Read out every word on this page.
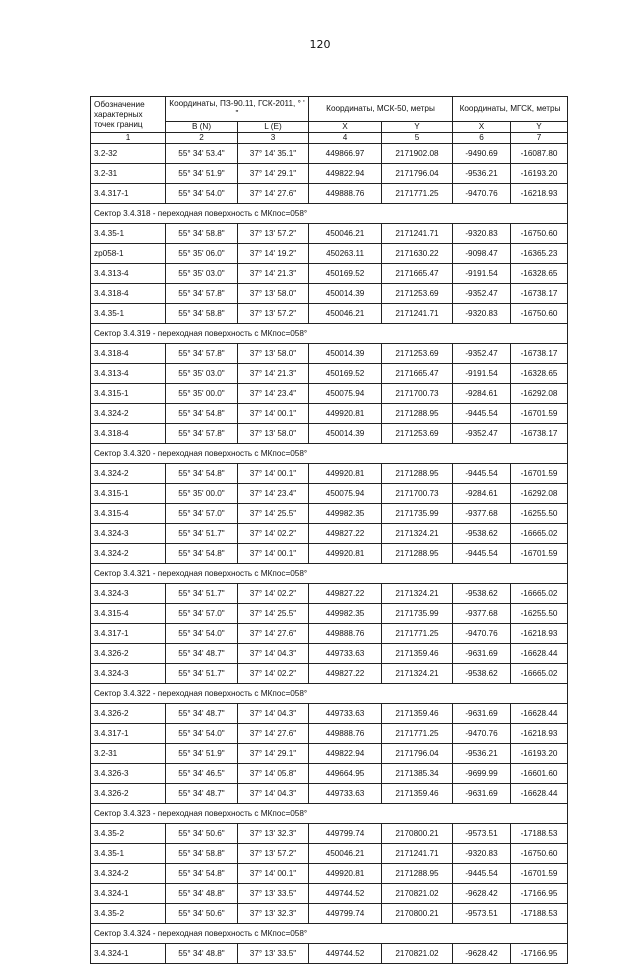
120
Обозначение характерных точек границ	Координаты, ПЗ-90.11, ГСК-2011, ° ' "		Координаты, МСК-50, метры		Координаты, МГСК, метры	
	B (N)	L (E)	X	Y	X	Y
1	2	3	4	5	6	7
3.2-32	55° 34' 53.4"	37° 14' 35.1"	449866.97	2171902.08	-9490.69	-16087.80
3.2-31	55° 34' 51.9"	37° 14' 29.1"	449822.94	2171796.04	-9536.21	-16193.20
3.4.317-1	55° 34' 54.0"	37° 14' 27.6"	449888.76	2171771.25	-9470.76	-16218.93
Сектор 3.4.318 - переходная поверхность с МКпос=058°						
3.4.35-1	55° 34' 58.8"	37° 13' 57.2"	450046.21	2171241.71	-9320.83	-16750.60
zp058-1	55° 35' 06.0"	37° 14' 19.2"	450263.11	2171630.22	-9098.47	-16365.23
3.4.313-4	55° 35' 03.0"	37° 14' 21.3"	450169.52	2171665.47	-9191.54	-16328.65
3.4.318-4	55° 34' 57.8"	37° 13' 58.0"	450014.39	2171253.69	-9352.47	-16738.17
3.4.35-1	55° 34' 58.8"	37° 13' 57.2"	450046.21	2171241.71	-9320.83	-16750.60
Сектор 3.4.319 - переходная поверхность с МКпос=058°						
3.4.318-4	55° 34' 57.8"	37° 13' 58.0"	450014.39	2171253.69	-9352.47	-16738.17
3.4.313-4	55° 35' 03.0"	37° 14' 21.3"	450169.52	2171665.47	-9191.54	-16328.65
3.4.315-1	55° 35' 00.0"	37° 14' 23.4"	450075.94	2171700.73	-9284.61	-16292.08
3.4.324-2	55° 34' 54.8"	37° 14' 00.1"	449920.81	2171288.95	-9445.54	-16701.59
3.4.318-4	55° 34' 57.8"	37° 13' 58.0"	450014.39	2171253.69	-9352.47	-16738.17
Сектор 3.4.320 - переходная поверхность с МКпос=058°						
3.4.324-2	55° 34' 54.8"	37° 14' 00.1"	449920.81	2171288.95	-9445.54	-16701.59
3.4.315-1	55° 35' 00.0"	37° 14' 23.4"	450075.94	2171700.73	-9284.61	-16292.08
3.4.315-4	55° 34' 57.0"	37° 14' 25.5"	449982.35	2171735.99	-9377.68	-16255.50
3.4.324-3	55° 34' 51.7"	37° 14' 02.2"	449827.22	2171324.21	-9538.62	-16665.02
3.4.324-2	55° 34' 54.8"	37° 14' 00.1"	449920.81	2171288.95	-9445.54	-16701.59
Сектор 3.4.321 - переходная поверхность с МКпос=058°						
3.4.324-3	55° 34' 51.7"	37° 14' 02.2"	449827.22	2171324.21	-9538.62	-16665.02
3.4.315-4	55° 34' 57.0"	37° 14' 25.5"	449982.35	2171735.99	-9377.68	-16255.50
3.4.317-1	55° 34' 54.0"	37° 14' 27.6"	449888.76	2171771.25	-9470.76	-16218.93
3.4.326-2	55° 34' 48.7"	37° 14' 04.3"	449733.63	2171359.46	-9631.69	-16628.44
3.4.324-3	55° 34' 51.7"	37° 14' 02.2"	449827.22	2171324.21	-9538.62	-16665.02
Сектор 3.4.322 - переходная поверхность с МКпос=058°						
3.4.326-2	55° 34' 48.7"	37° 14' 04.3"	449733.63	2171359.46	-9631.69	-16628.44
3.4.317-1	55° 34' 54.0"	37° 14' 27.6"	449888.76	2171771.25	-9470.76	-16218.93
3.2-31	55° 34' 51.9"	37° 14' 29.1"	449822.94	2171796.04	-9536.21	-16193.20
3.4.326-3	55° 34' 46.5"	37° 14' 05.8"	449664.95	2171385.34	-9699.99	-16601.60
3.4.326-2	55° 34' 48.7"	37° 14' 04.3"	449733.63	2171359.46	-9631.69	-16628.44
Сектор 3.4.323 - переходная поверхность с МКпос=058°						
3.4.35-2	55° 34' 50.6"	37° 13' 32.3"	449799.74	2170800.21	-9573.51	-17188.53
3.4.35-1	55° 34' 58.8"	37° 13' 57.2"	450046.21	2171241.71	-9320.83	-16750.60
3.4.324-2	55° 34' 54.8"	37° 14' 00.1"	449920.81	2171288.95	-9445.54	-16701.59
3.4.324-1	55° 34' 48.8"	37° 13' 33.5"	449744.52	2170821.02	-9628.42	-17166.95
3.4.35-2	55° 34' 50.6"	37° 13' 32.3"	449799.74	2170800.21	-9573.51	-17188.53
Сектор 3.4.324 - переходная поверхность с МКпос=058°						
3.4.324-1	55° 34' 48.8"	37° 13' 33.5"	449744.52	2170821.02	-9628.42	-17166.95
